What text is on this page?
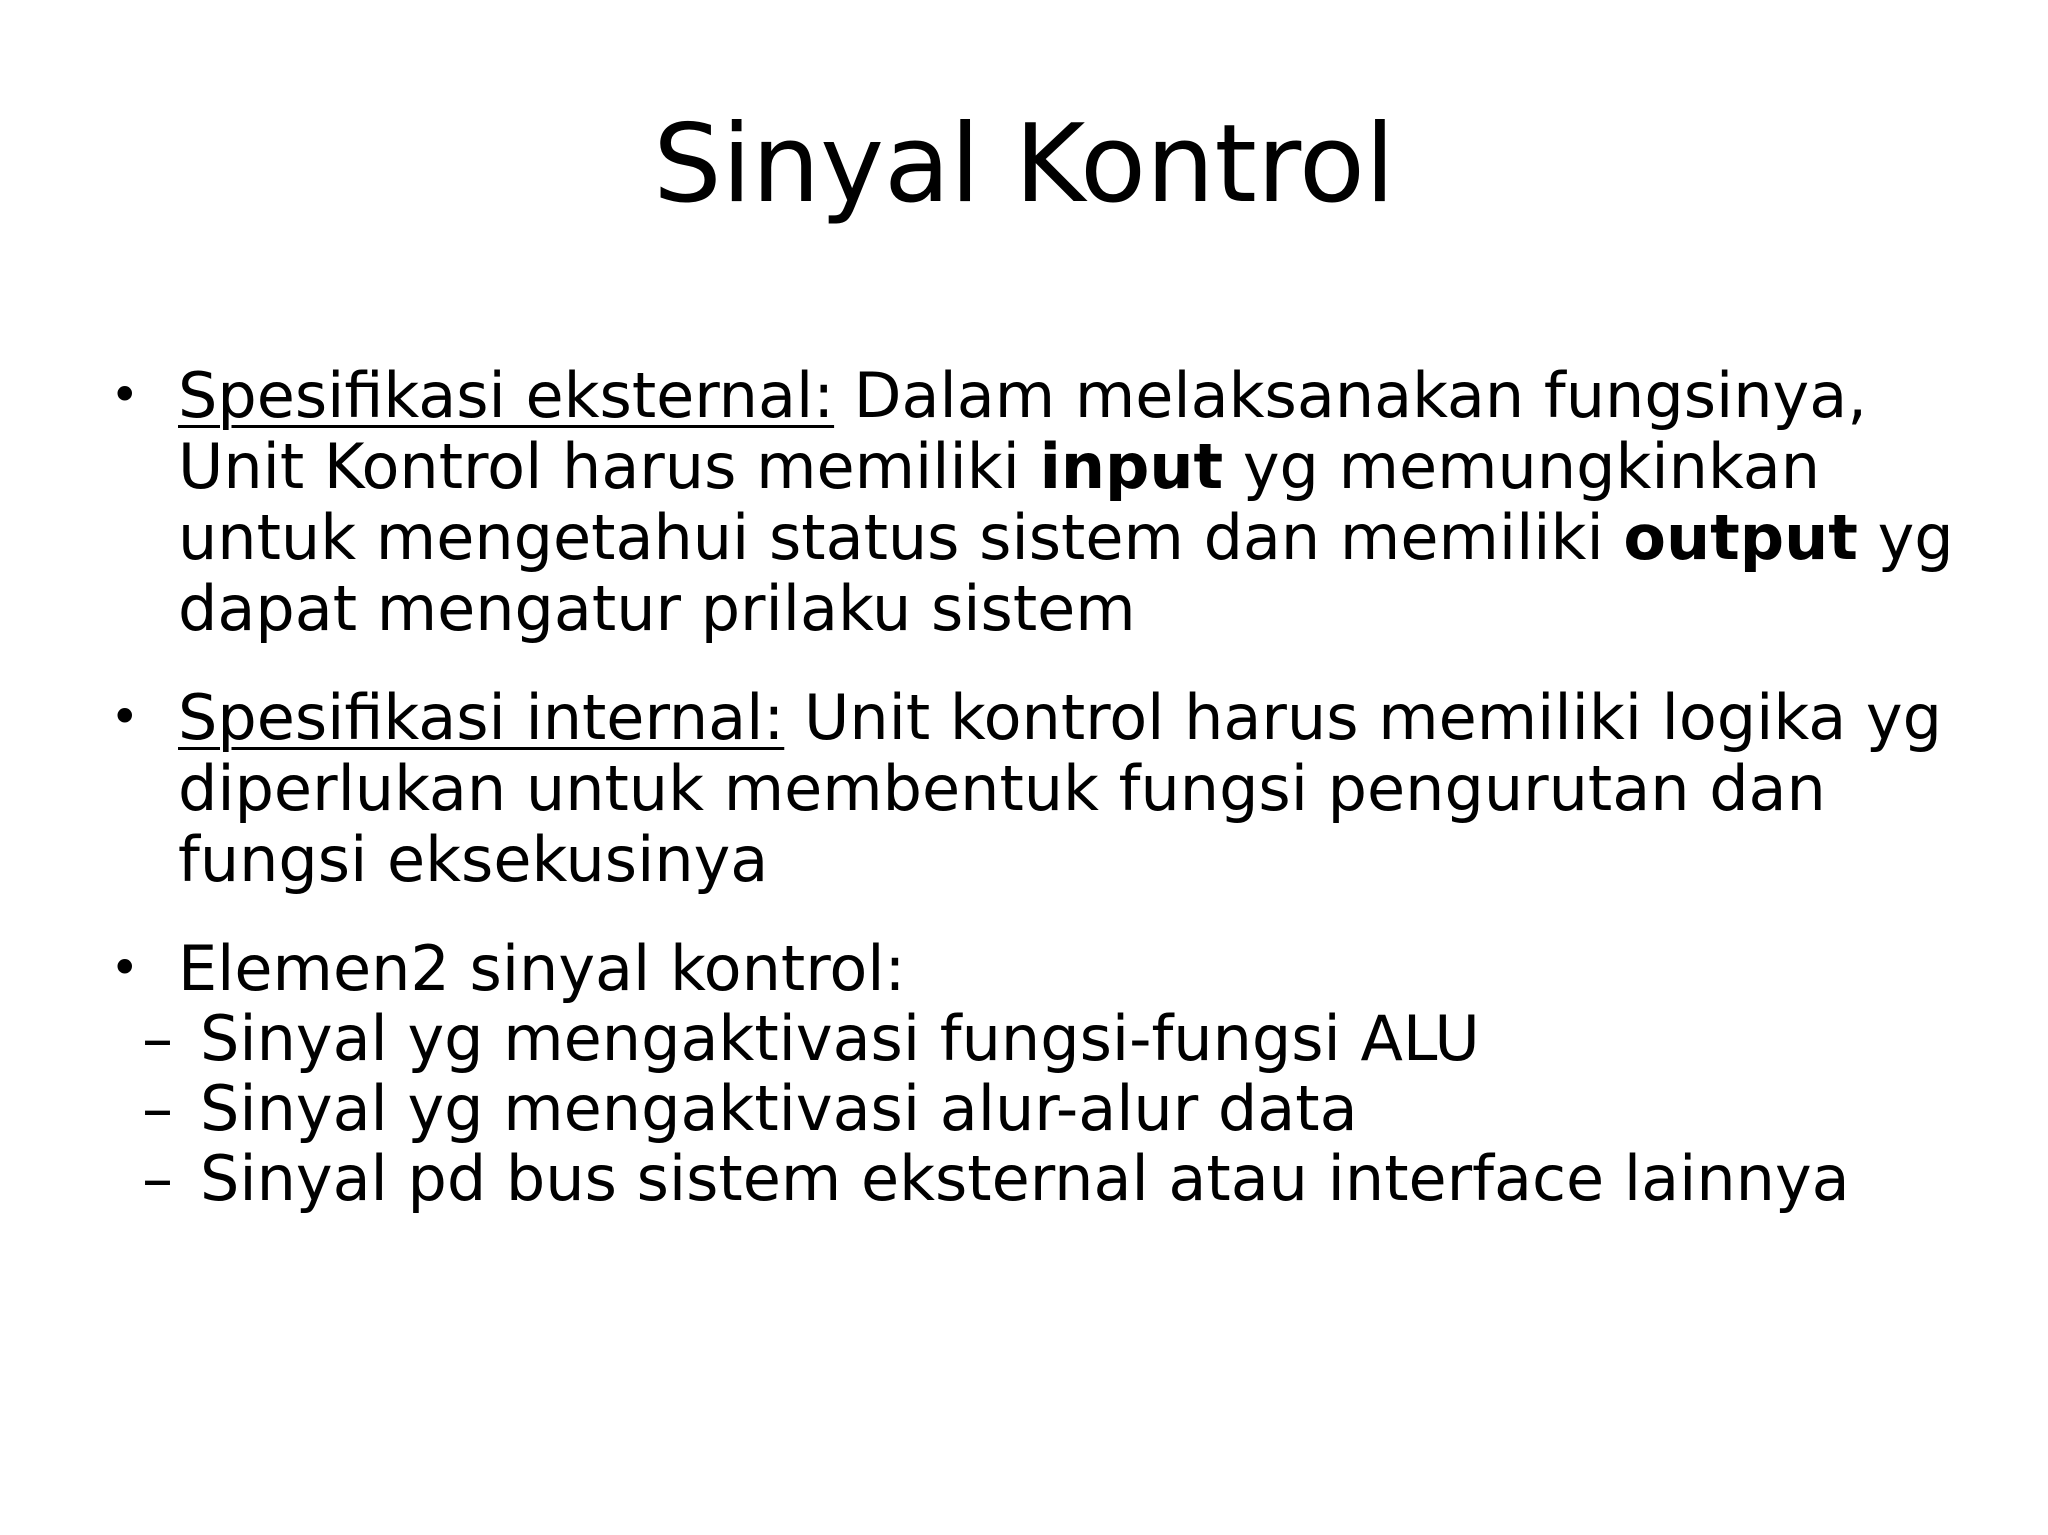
Sinyal Kontrol
• Spesifikasi eksternal: Dalam melaksanakan fungsinya, Unit Kontrol harus memiliki input yg memungkinkan untuk mengetahui status sistem dan memiliki output yg dapat mengatur prilaku sistem
• Spesifikasi internal: Unit kontrol harus memiliki logika yg diperlukan untuk membentuk fungsi pengurutan dan fungsi eksekusinya
• Elemen2 sinyal kontrol:
– Sinyal yg mengaktivasi fungsi-fungsi ALU
– Sinyal yg mengaktivasi alur-alur data
– Sinyal pd bus sistem eksternal atau interface lainnya
